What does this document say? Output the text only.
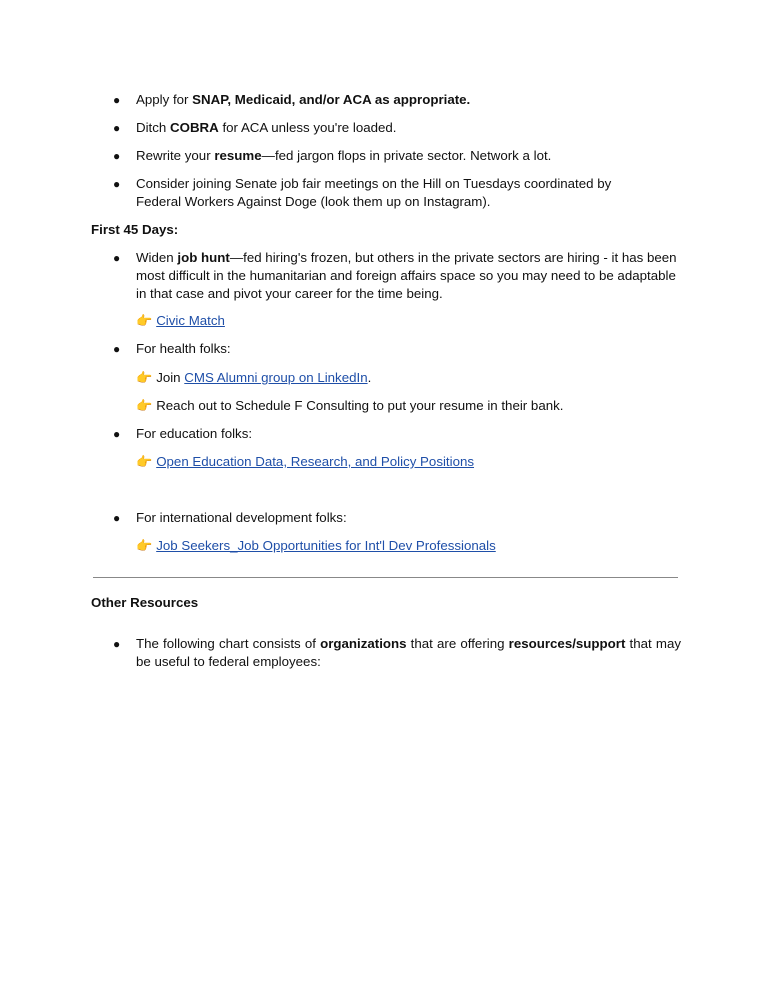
● Apply for SNAP, Medicaid, and/or ACA as appropriate.
● Ditch COBRA for ACA unless you're loaded.
● Rewrite your resume—fed jargon flops in private sector. Network a lot.
● Consider joining Senate job fair meetings on the Hill on Tuesdays coordinated by Federal Workers Against Doge (look them up on Instagram).
First 45 Days:
● Widen job hunt—fed hiring's frozen, but others in the private sectors are hiring - it has been most difficult in the humanitarian and foreign affairs space so you may need to be adaptable in that case and pivot your career for the time being.
👉 Civic Match
● For health folks:
👉 Join CMS Alumni group on LinkedIn.
👉 Reach out to Schedule F Consulting to put your resume in their bank.
● For education folks:
👉 Open Education Data, Research, and Policy Positions
● For international development folks:
👉 Job Seekers_Job Opportunities for Int'l Dev Professionals
Other Resources
● The following chart consists of organizations that are offering resources/support that may be useful to federal employees:
